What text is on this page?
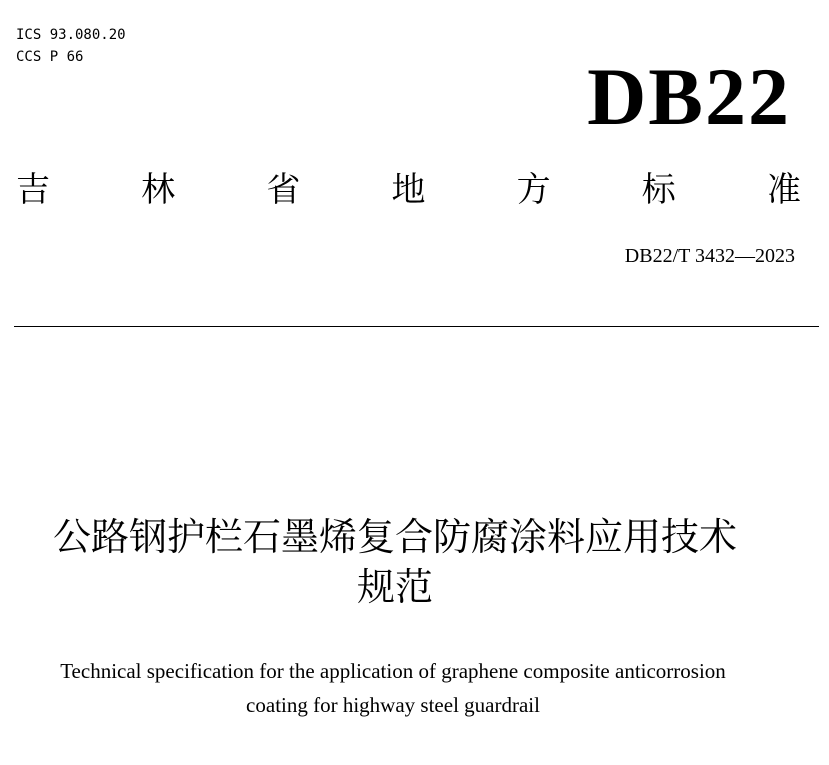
ICS 93.080.20
CCS P 66	DB22
吉	林	省	地	方	标	准
DB22/T 3432—2023
公路钢护栏石墨烯复合防腐涂料应用技术
规范
Technical specification for the application of graphene composite anticorrosion
coating for highway steel guardrail
